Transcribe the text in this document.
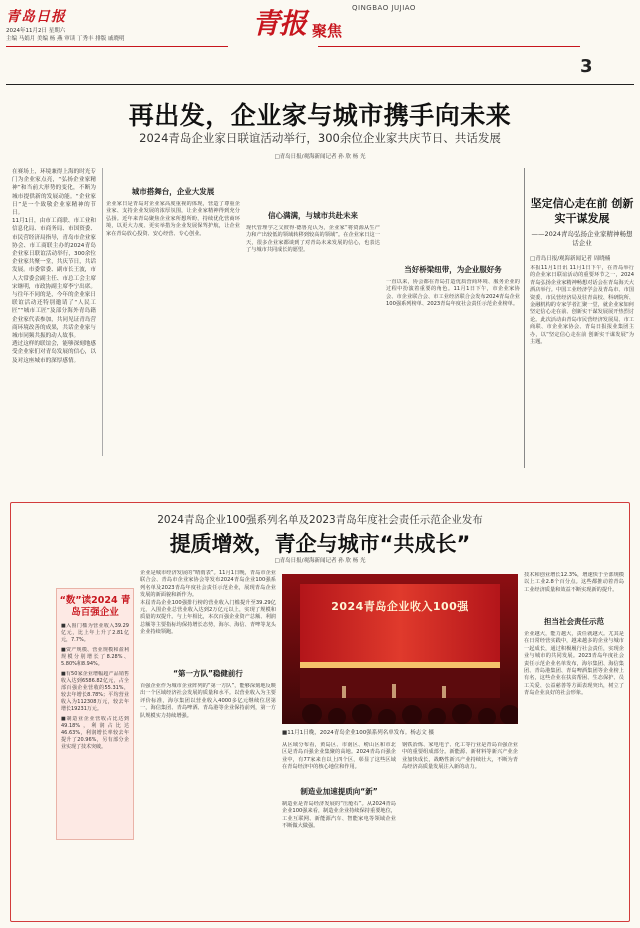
青岛日报
2024年11月2日 星期六
主编 马娟月 美编 杨 燕 审读 丁秀丰 排版 戚晓明	青报 聚焦
QINGBAO JUJIAO
3
再出发，企业家与城市携手向未来
2024青岛企业家日联谊活动举行，300余位企业家共庆节日、共话发展
□青岛日报/观海新闻记者 孙 欣 杨 光

在赛场上，环境兼得上海的时光专门为企业家点亮，“弘扬企业家精神”和当前大形势的变化，不断为城市提供新的发展动能。“企业家日”是一个致敬企业家精神的节日。

11月1日，由市工商联、市工业和信息化局、市商务局、市国资委、市民营经济局指导，青岛市企业家协会、市工商联主办的2024青岛企业家日联谊活动举行，300余位企业家共聚一堂，共庆节日，共话发展。市委常委、副市长王波，市人大常委会副主任、市总工会主席宋继明，市政协副主席李宁出席。

与往年不同的是，今年的企业家日联谊活动还特别邀请了“人民工匠”“城市工匠”及部分海外青岛籍企业家代表参加，共同见证青岛营商环境改善的成果，共话企业家与城市同频共振的动人故事。

透过这样的联谊会，能够深刻地感受企业家们对青岛发展的信心，以及对这座城市的深厚感情。

城市搭舞台，企业大发展
企业家日是青岛对企业家高度重视的体现，营造了尊重企业家、支持企业发展的浓厚氛围，让企业家精神得到充分弘扬。近年来青岛聚焦企业家所想所盼，持续优化营商环境，以更大力度、更实举措为企业发展保驾护航，让企业家在青岛放心投资、安心经营、专心创业。
信心满满，与城市共赴未来
现代管理学之父彼得·德鲁克认为，企业家“将资源从生产力和产出较低的领域转移到较高的领域”。在企业家日这一天，很多企业家都谈到了对青岛未来发展的信心，也表达了与城市共同成长的愿望。
当好桥梁纽带，为企业服好务
一直以来，协会都在青岛打造优质营商环境、服务企业的过程中扮演着重要的角色。11月1日下午，市企业家协会、市企业联合会、市工业经济联合会发布2024青岛企业100强系列榜单、2023青岛年度社会责任示范企业榜单。
坚定信心走在前 创新实干谋发展
——2024青岛弘扬企业家精神畅想话企业
□青岛日报/观海新闻记者 周晓楠
本报11月1日讯 11月1日下午，在青岛举行的企业家日联谊活动的重要环节之一，2024青岛弘扬企业家精神畅想对话会在青岛海天大酒店举行。中国工业经济学会及青岛市、市国资委、市民营经济局及驻青高校、科研院所、金融机构的专家学者汇聚一堂，就企业家如何坚定信心走在前、创新实干谋发展展开热烈讨论。此次活动由青岛市民营经济发展局、市工商联、市企业家协会、青岛日报报业集团主办，以“坚定信心走在前 创新实干谋发展”为主题。
2024青岛企业100强系列名单及2023青岛年度社会责任示范企业发布
提质增效，青企与城市“共成长”
□青岛日报/观海新闻记者 孙 欣 杨 光

企业是城市经济发展的“晴雨表”。11月1日晚，青岛市企业联合会、青岛市企业家协会等发布2024青岛企业100强系列名单及2023青岛年度社会责任示范企业，展现青岛企业发展的新面貌和新作为。

本届青岛企业100强排行榜的营业收入门槛提升至39.29亿元，入围企业总营业收入达到2万亿元以上，实现了规模和质量的双提升。与上年相比，本次百强企业资产总额、利润总额等主要指标均保持增长态势，海尔、海信、青啤等龙头企业持续领跑。

“数”读2024 青岛百强企业
■入围门槛为营业收入39.29亿元，比上年上升了2.81亿元，7.7%。
■资产规模、营业规模和盈利规模分别增长了8.28%、5.80%和8.94%。
■有50家企业增幅超产品销售收入达到6586.82亿元，占全部百强企业营收的55.31%，较去年增长8.78%；平均营业收入为112308万元，较去年增长19231万元。
■制造业企业营收占比达到49.18%，利润占比达46.63%，利润增长率较去年提升了20.96%，另有部分企业实现了技术突破。
2024青岛企业收入100强
■11月1日晚，2024青岛企业100强系列名单发布。杨志文 摄
“第一方队”稳健前行
百强企业作为城市企业阵列的“第一方队”，能够深刻地反映出一个区域经济社会发展的质量和水平。以营业收入为主要评价标准，海尔集团以营业收入4000多亿元继续位居第一，海信集团、青岛啤酒、青岛港等企业保持前列，第一方队规模实力持续增强。
从区域分布看，黄岛区、市南区、崂山区和市北区是青岛百强企业集聚的高地。2024青岛百强企业中，有77家来自以上四个区，彰显了这些区域在青岛经济中的核心地位和作用。
制造业加速提质向“新”
制造业是青岛经济发展的“压舱石”。从2024青岛企业100强来看，制造业企业持续保持重要地位，工业互联网、新能源汽车、智能家电等领域企业不断做大做强。
钢铁冶炼、家电电子、化工等行业是青岛百强企业中的重要组成部分。新能源、新材料等新兴产业企业加快成长，战略性新兴产业持续壮大，不断为青岛经济高质量发展注入新的动力。
技术和创业增长12.3%，增速快于全部规模以上工业2.8个百分点。这些都推动着青岛工业经济质量和效益不断实现新的提升。
担当社会责任示范
企业越大，能力越大，责任就越大。尤其是在日常经营实践中，越来越多的企业与城市一起成长，通过积极履行社会责任，实现企业与城市的共同发展。2023青岛年度社会责任示范企业名单发布，海尔集团、海信集团、青岛港集团、青岛啤酒集团等企业榜上有名，这些企业在扶贫帮困、生态保护、员工关爱、公益慈善等方面表现突出，树立了青岛企业良好的社会形象。
